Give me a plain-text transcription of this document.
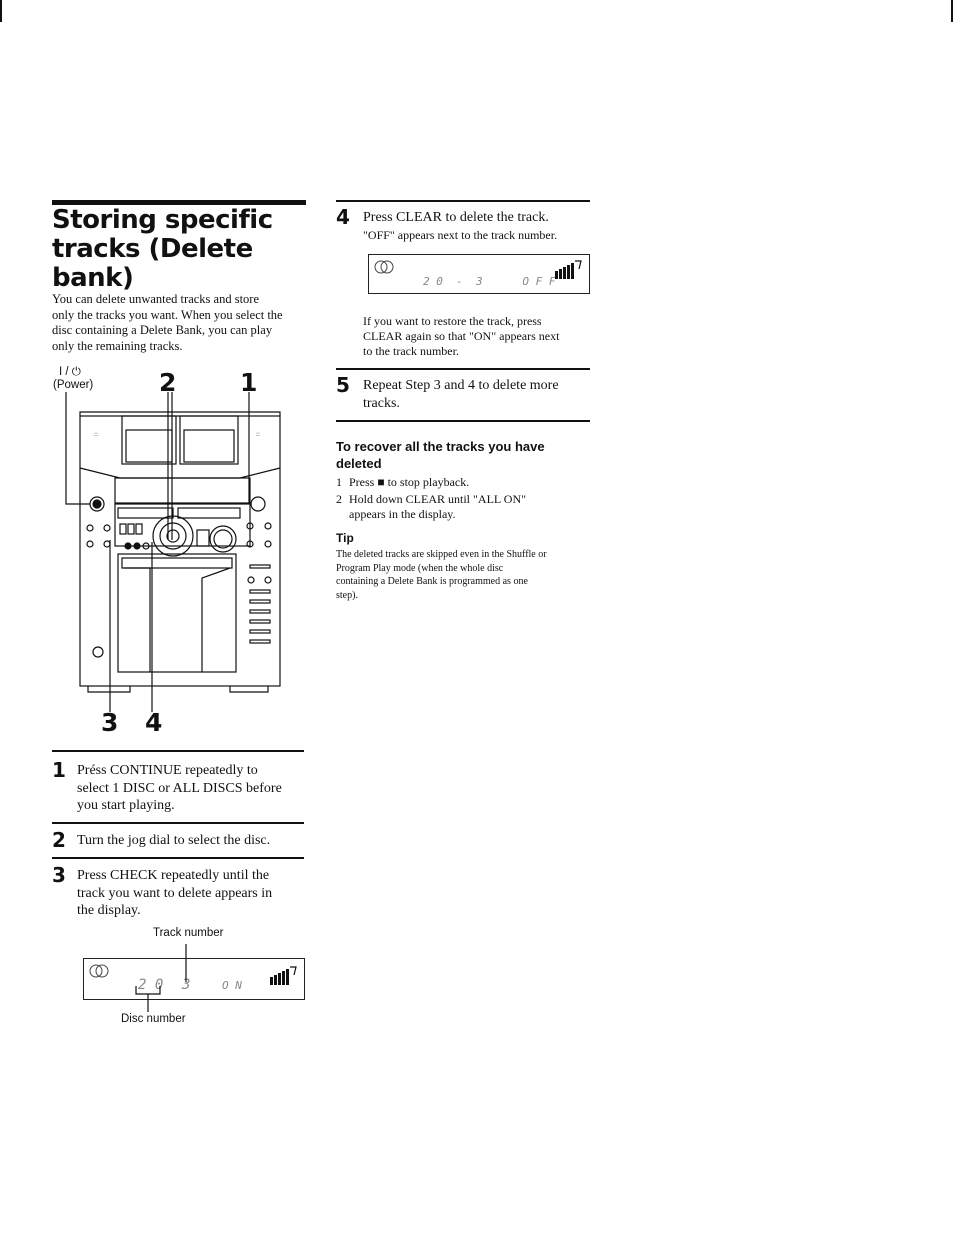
Storing specific
tracks (Delete bank)
You can delete unwanted tracks and store
only the tracks you want. When you select the
disc containing a Delete Bank, you can play
only the remaining tracks.
I / ⏻
(Power)	2	1
3 4
::	::
1 Préss CONTINUE repeatedly to
select 1 DISC or ALL DISCS before
you start playing.
2 Turn the jog dial to select the disc.
3 Press CHECK repeatedly until the
track you want to delete appears in
the display.
Track number
2 0 3	O N
Disc number
4 Press CLEAR to delete the track.
"OFF" appears next to the track number.
2 0  -  3      O F F
If you want to restore the track, press
CLEAR again so that "ON" appears next
to the track number.
5 Repeat Step 3 and 4 to delete more
tracks.
To recover all the tracks you have
deleted
1 Press ■ to stop playback.
2 Hold down CLEAR until "ALL ON"
appears in the display.
Tip
The deleted tracks are skipped even in the Shuffle or
Program Play mode (when the whole disc
containing a Delete Bank is programmed as one
step).
